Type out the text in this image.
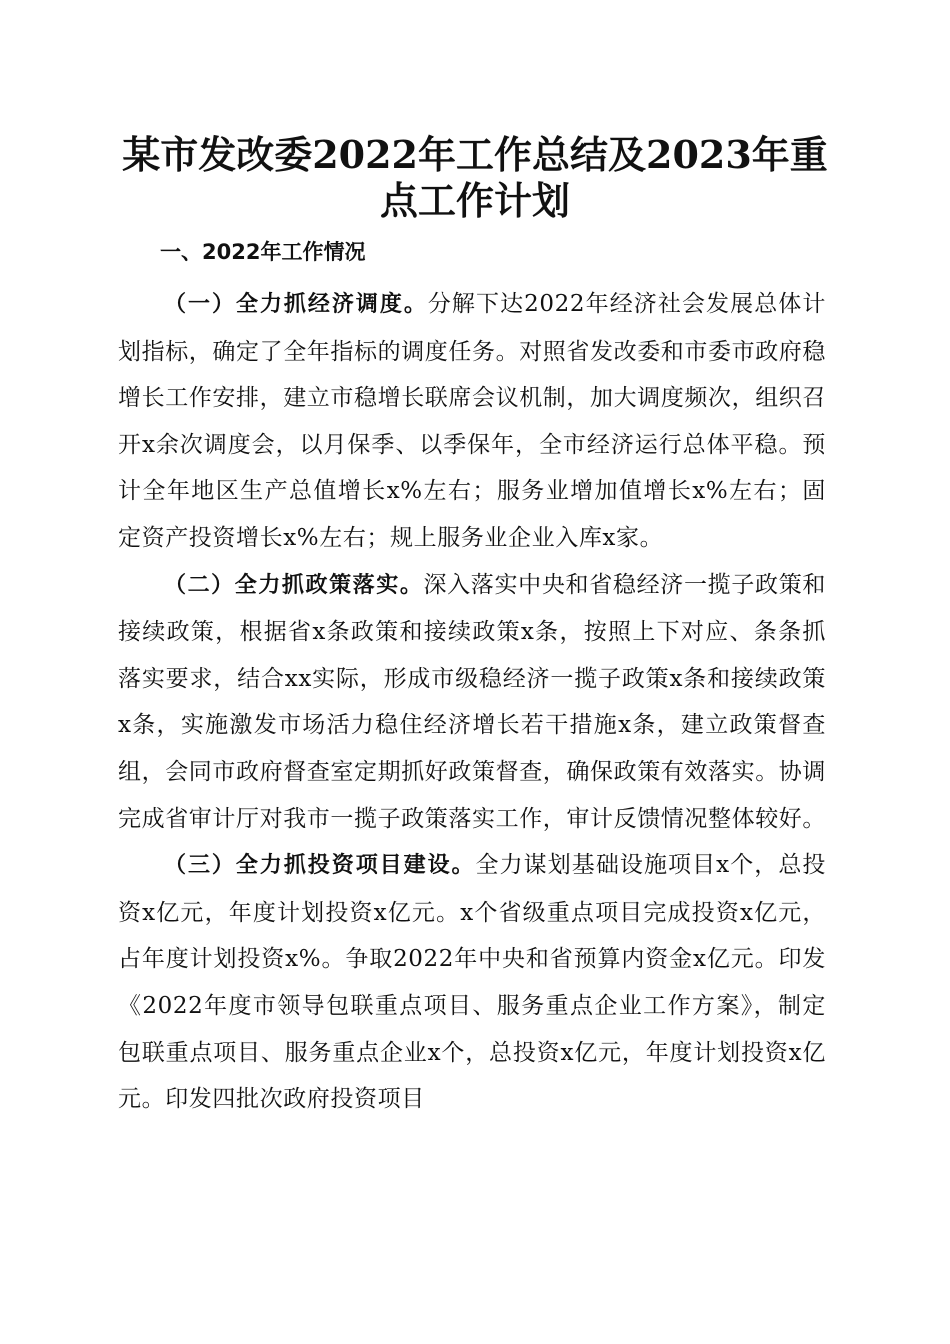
某市发改委2022年工作总结及2023年重点工作计划
一、2022年工作情况

（一）全力抓经济调度。分解下达2022年经济社会发展总体计划指标，确定了全年指标的调度任务。对照省发改委和市委市政府稳增长工作安排，建立市稳增长联席会议机制，加大调度频次，组织召开x余次调度会，以月保季、以季保年，全市经济运行总体平稳。预计全年地区生产总值增长x%左右；服务业增加值增长x%左右；固定资产投资增长x%左右；规上服务业企业入库x家。

（二）全力抓政策落实。深入落实中央和省稳经济一揽子政策和接续政策，根据省x条政策和接续政策x条，按照上下对应、条条抓落实要求，结合xx实际，形成市级稳经济一揽子政策x条和接续政策x条，实施激发市场活力稳住经济增长若干措施x条，建立政策督查组，会同市政府督查室定期抓好政策督查，确保政策有效落实。协调完成省审计厅对我市一揽子政策落实工作，审计反馈情况整体较好。

（三）全力抓投资项目建设。全力谋划基础设施项目x个，总投资x亿元，年度计划投资x亿元。x个省级重点项目完成投资x亿元，占年度计划投资x%。争取2022年中央和省预算内资金x亿元。印发《2022年度市领导包联重点项目、服务重点企业工作方案》，制定包联重点项目、服务重点企业x个，总投资x亿元，年度计划投资x亿元。印发四批次政府投资项目
